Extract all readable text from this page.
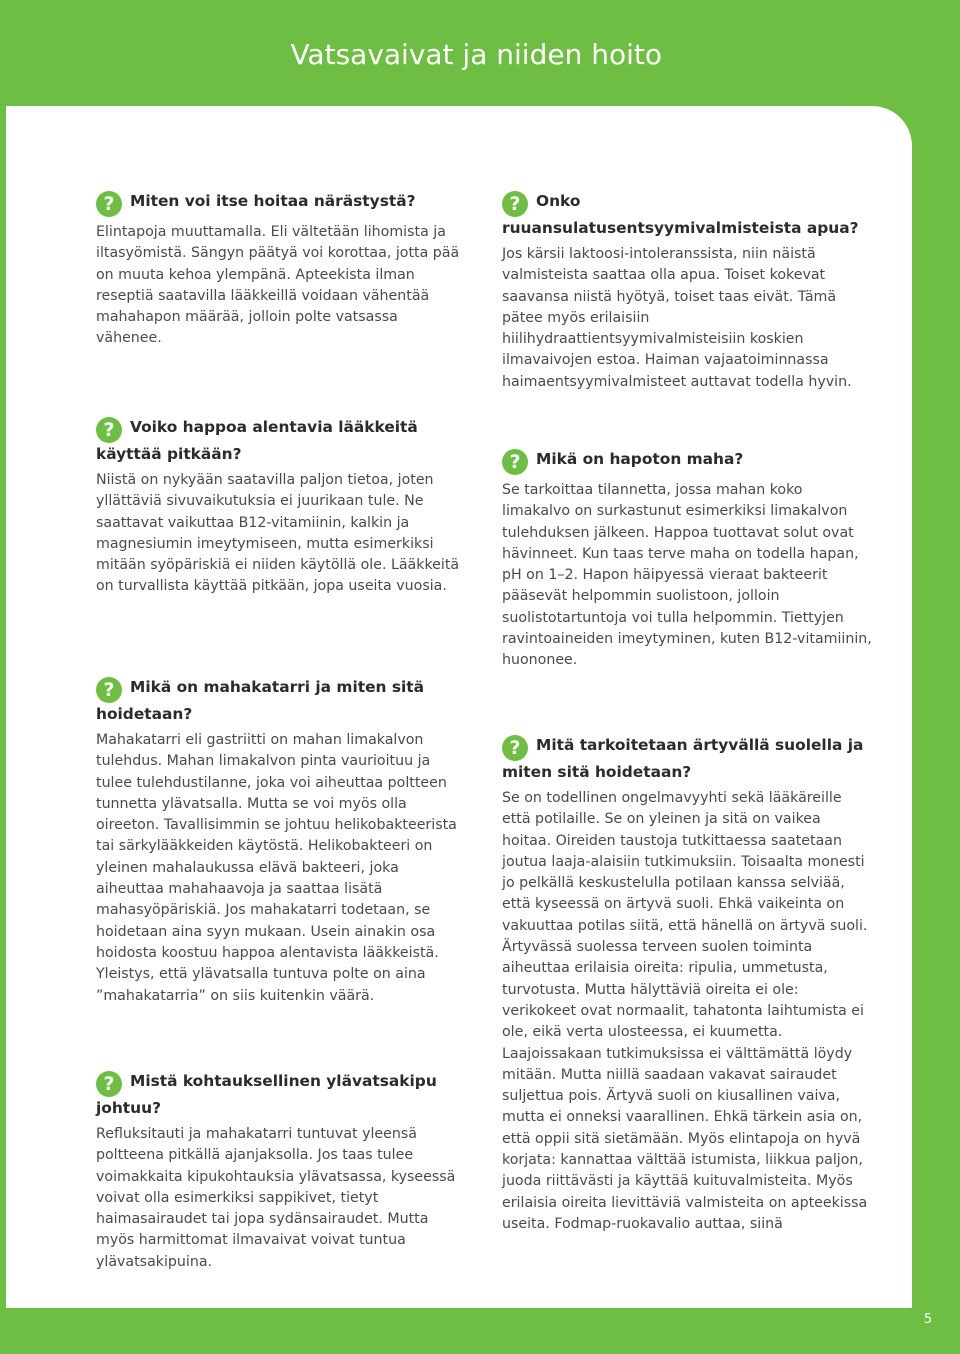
Vatsavaivat ja niiden hoito
? Miten voi itse hoitaa närästystä?

Elintapoja muuttamalla. Eli vältetään lihomista ja iltasyömistä. Sängyn päätyä voi korottaa, jotta pää on muuta kehoa ylempänä. Apteekista ilman reseptiä saatavilla lääkkeillä voidaan vähentää mahahapon määrää, jolloin polte vatsassa vähenee.

? Voiko happoa alentavia lääkkeitä käyttää pitkään?

Niistä on nykyään saatavilla paljon tietoa, joten yllättäviä sivuvaikutuksia ei juurikaan tule. Ne saattavat vaikuttaa B12-vitamiinin, kalkin ja magnesiumin imeytymiseen, mutta esimerkiksi mitään syöpäriskiä ei niiden käytöllä ole. Lääkkeitä on turvallista käyttää pitkään, jopa useita vuosia.

? Mikä on mahakatarri ja miten sitä hoidetaan?

Mahakatarri eli gastriitti on mahan limakalvon tulehdus. Mahan limakalvon pinta vaurioituu ja tulee tulehdustilanne, joka voi aiheuttaa poltteen tunnetta ylävatsalla. Mutta se voi myös olla oireeton. Tavallisimmin se johtuu helikobakteerista tai särkylääkkeiden käytöstä. Helikobakteeri on yleinen mahalaukussa elävä bakteeri, joka aiheuttaa mahahaavoja ja saattaa lisätä mahasyöpäriskiä. Jos mahakatarri todetaan, se hoidetaan aina syyn mukaan. Usein ainakin osa hoidosta koostuu happoa alentavista lääkkeistä. Yleistys, että ylävatsalla tuntuva polte on aina ”mahakatarria” on siis kuitenkin väärä.

? Mistä kohtauksellinen ylävatsakipu johtuu?

Refluksitauti ja mahakatarri tuntuvat yleensä poltteena pitkällä ajanjaksolla. Jos taas tulee voimakkaita kipukohtauksia ylävatsassa, kyseessä voivat olla esimerkiksi sappikivet, tietyt haimasairaudet tai jopa sydänsairaudet. Mutta myös harmittomat ilmavaivat voivat tuntua ylävatsakipuina.

? Onko ruuansulatusentsyymivalmisteista apua?

Jos kärsii laktoosi-intoleranssista, niin näistä valmisteista saattaa olla apua. Toiset kokevat saavansa niistä hyötyä, toiset taas eivät. Tämä pätee myös erilaisiin hiilihydraattientsyymivalmisteisiin koskien ilmavaivojen estoa. Haiman vajaatoiminnassa haimaentsyymivalmisteet auttavat todella hyvin.

? Mikä on hapoton maha?

Se tarkoittaa tilannetta, jossa mahan koko limakalvo on surkastunut esimerkiksi limakalvon tulehduksen jälkeen. Happoa tuottavat solut ovat hävinneet. Kun taas terve maha on todella hapan, pH on 1–2. Hapon häipyessä vieraat bakteerit pääsevät helpommin suolistoon, jolloin suolistotartuntoja voi tulla helpommin. Tiettyjen ravintoaineiden imeytyminen, kuten B12-vitamiinin, huononee.

? Mitä tarkoitetaan ärtyvällä suolella ja miten sitä hoidetaan?

Se on todellinen ongelmavyyhti sekä lääkäreille että potilaille. Se on yleinen ja sitä on vaikea hoitaa. Oireiden taustoja tutkittaessa saatetaan joutua laaja-alaisiin tutkimuksiin. Toisaalta monesti jo pelkällä keskustelulla potilaan kanssa selviää, että kyseessä on ärtyvä suoli. Ehkä vaikeinta on vakuuttaa potilas siitä, että hänellä on ärtyvä suoli. Ärtyvässä suolessa terveen suolen toiminta aiheuttaa erilaisia oireita: ripulia, ummetusta, turvotusta. Mutta hälyttäviä oireita ei ole: verikokeet ovat normaalit, tahatonta laihtumista ei ole, eikä verta ulosteessa, ei kuumetta. Laajoissakaan tutkimuksissa ei välttämättä löydy mitään. Mutta niillä saadaan vakavat sairaudet suljettua pois. Ärtyvä suoli on kiusallinen vaiva, mutta ei onneksi vaarallinen. Ehkä tärkein asia on, että oppii sitä sietämään. Myös elintapoja on hyvä korjata: kannattaa välttää istumista, liikkua paljon, juoda riittävästi ja käyttää kuituvalmisteita. Myös erilaisia oireita lievittäviä valmisteita on apteekissa useita. Fodmap-ruokavalio auttaa, siinä

5
